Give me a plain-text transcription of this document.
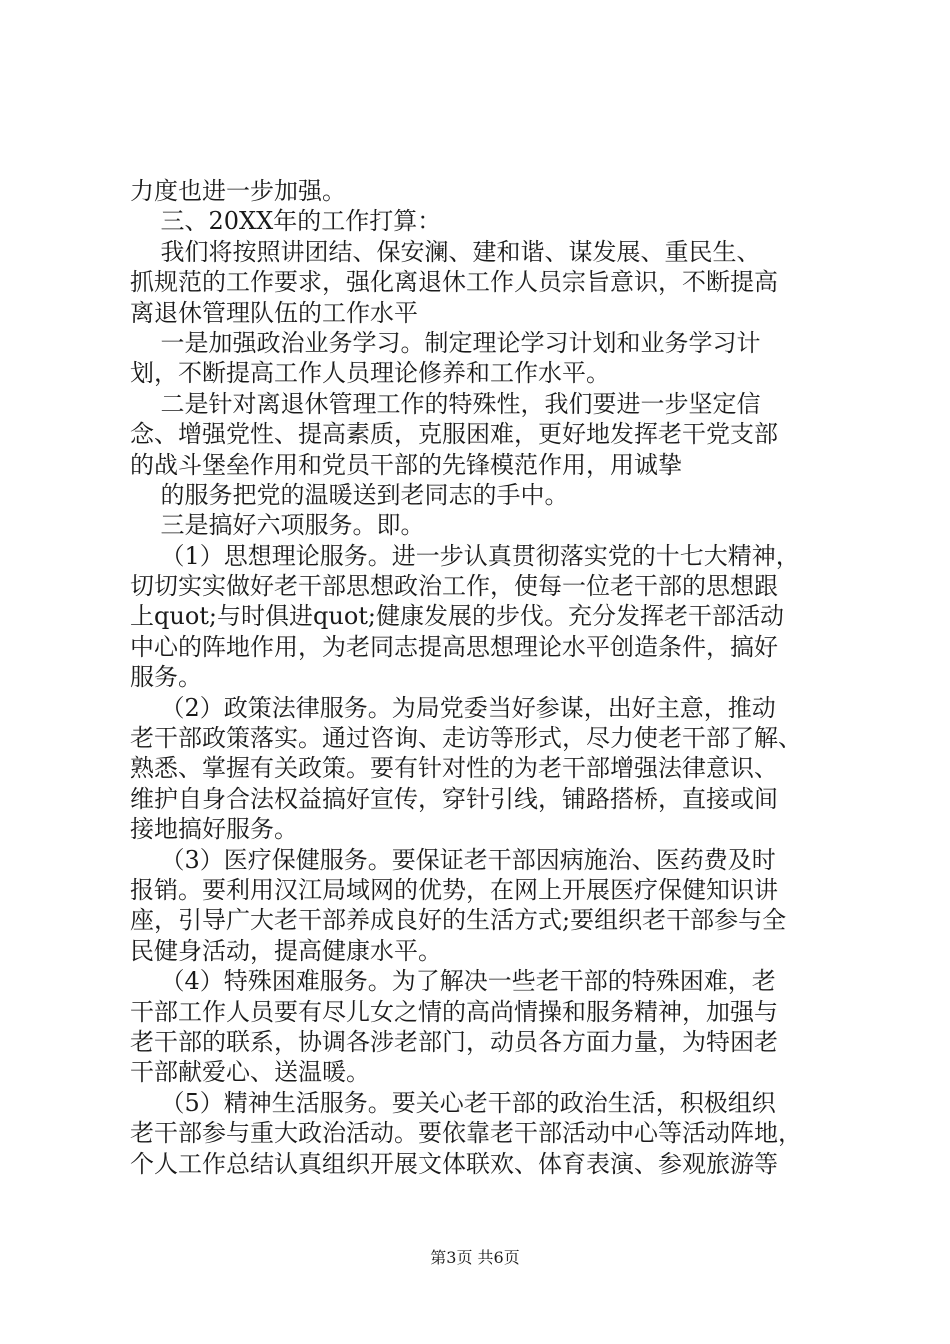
力度也进一步加强。
三、20XX年的工作打算：
我们将按照讲团结、保安澜、建和谐、谋发展、重民生、
抓规范的工作要求，强化离退休工作人员宗旨意识，不断提高
离退休管理队伍的工作水平
一是加强政治业务学习。制定理论学习计划和业务学习计
划，不断提高工作人员理论修养和工作水平。
二是针对离退休管理工作的特殊性，我们要进一步坚定信
念、增强党性、提高素质，克服困难，更好地发挥老干党支部
的战斗堡垒作用和党员干部的先锋模范作用，用诚挚
的服务把党的温暖送到老同志的手中。
三是搞好六项服务。即。
（1）思想理论服务。进一步认真贯彻落实党的十七大精神，
切切实实做好老干部思想政治工作，使每一位老干部的思想跟
上quot;与时俱进quot;健康发展的步伐。充分发挥老干部活动
中心的阵地作用，为老同志提高思想理论水平创造条件，搞好
服务。
（2）政策法律服务。为局党委当好参谋，出好主意，推动
老干部政策落实。通过咨询、走访等形式，尽力使老干部了解、
熟悉、掌握有关政策。要有针对性的为老干部增强法律意识、
维护自身合法权益搞好宣传，穿针引线，铺路搭桥，直接或间
接地搞好服务。
（3）医疗保健服务。要保证老干部因病施治、医药费及时
报销。要利用汉江局域网的优势，在网上开展医疗保健知识讲
座，引导广大老干部养成良好的生活方式;要组织老干部参与全
民健身活动，提高健康水平。
（4）特殊困难服务。为了解决一些老干部的特殊困难，老
干部工作人员要有尽儿女之情的高尚情操和服务精神，加强与
老干部的联系，协调各涉老部门，动员各方面力量，为特困老
干部献爱心、送温暖。
（5）精神生活服务。要关心老干部的政治生活，积极组织
老干部参与重大政治活动。要依靠老干部活动中心等活动阵地，
个人工作总结认真组织开展文体联欢、体育表演、参观旅游等
第3页 共6页
